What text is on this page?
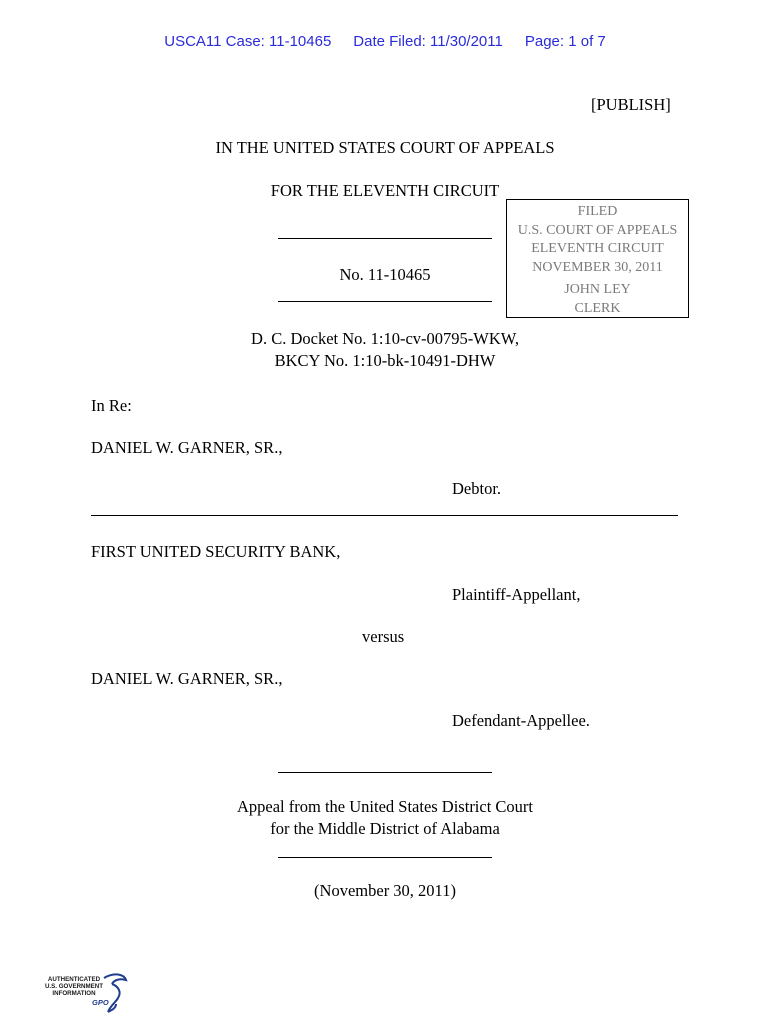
USCA11 Case: 11-10465 Date Filed: 11/30/2011 Page: 1 of 7
[PUBLISH]
IN THE UNITED STATES COURT OF APPEALS
FOR THE ELEVENTH CIRCUIT
No. 11-10465
FILED
U.S. COURT OF APPEALS
ELEVENTH CIRCUIT
NOVEMBER 30, 2011
JOHN LEY
CLERK
D. C. Docket No. 1:10-cv-00795-WKW,
BKCY No. 1:10-bk-10491-DHW
In Re:
DANIEL W. GARNER, SR.,
Debtor.
FIRST UNITED SECURITY BANK,
Plaintiff-Appellant,
versus
DANIEL W. GARNER, SR.,
Defendant-Appellee.
Appeal from the United States District Court
for the Middle District of Alabama
(November 30, 2011)
AUTHENTICATED
U.S. GOVERNMENT
INFORMATION
GPO
